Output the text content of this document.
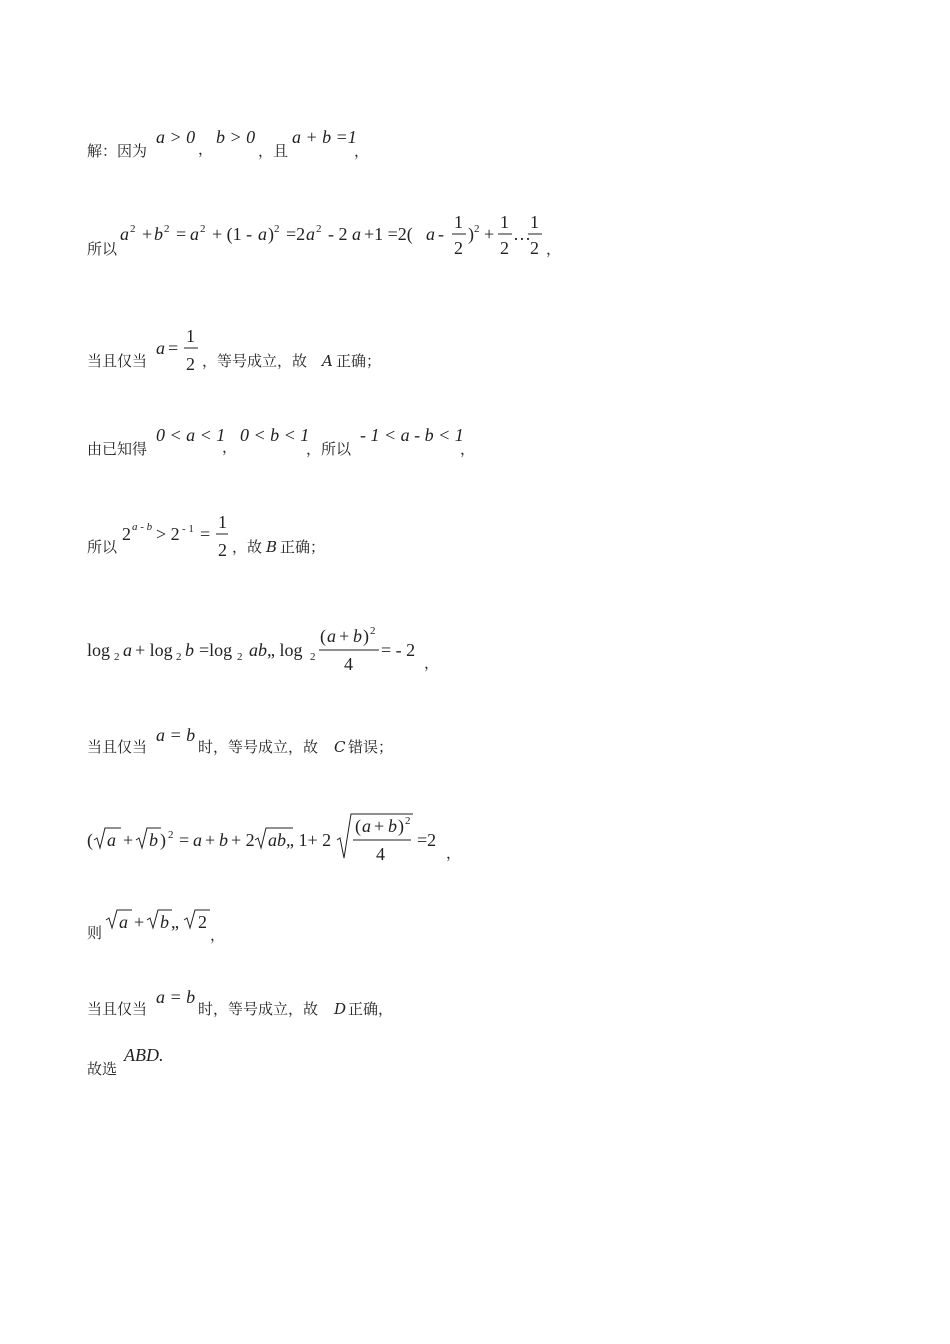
解：因为
a > 0
，
b > 0
，且
a + b =1
，
所以
a 2 + b 2 = a 2 + (1 - a ) 2 =2 a 2 - 2 a +1 =2( a -
1
2
) 2 +
1
2
…
1
2 ，
当且仅当
a =
1
2 ，等号成立，故 A 正确；
由已知得
0 < a < 1
，
0 < b < 1
，所以
- 1 < a - b < 1
，
所以
2 a - b > 2 - 1 =
1
2 ，故 B 正确；
log 2 a + log 2 b =log 2 ab „ log 2
( a + b ) 2
4
= - 2
，
当且仅当
a = b
时，等号成立，故 C 错误；
( a + b ) 2 = a + b + 2 ab „ 1+ 2
( a + b ) 2
4
=2
，
则
a + b „ 2
，
当且仅当
a = b
时，等号成立，故 D 正确，
故选
ABD.
